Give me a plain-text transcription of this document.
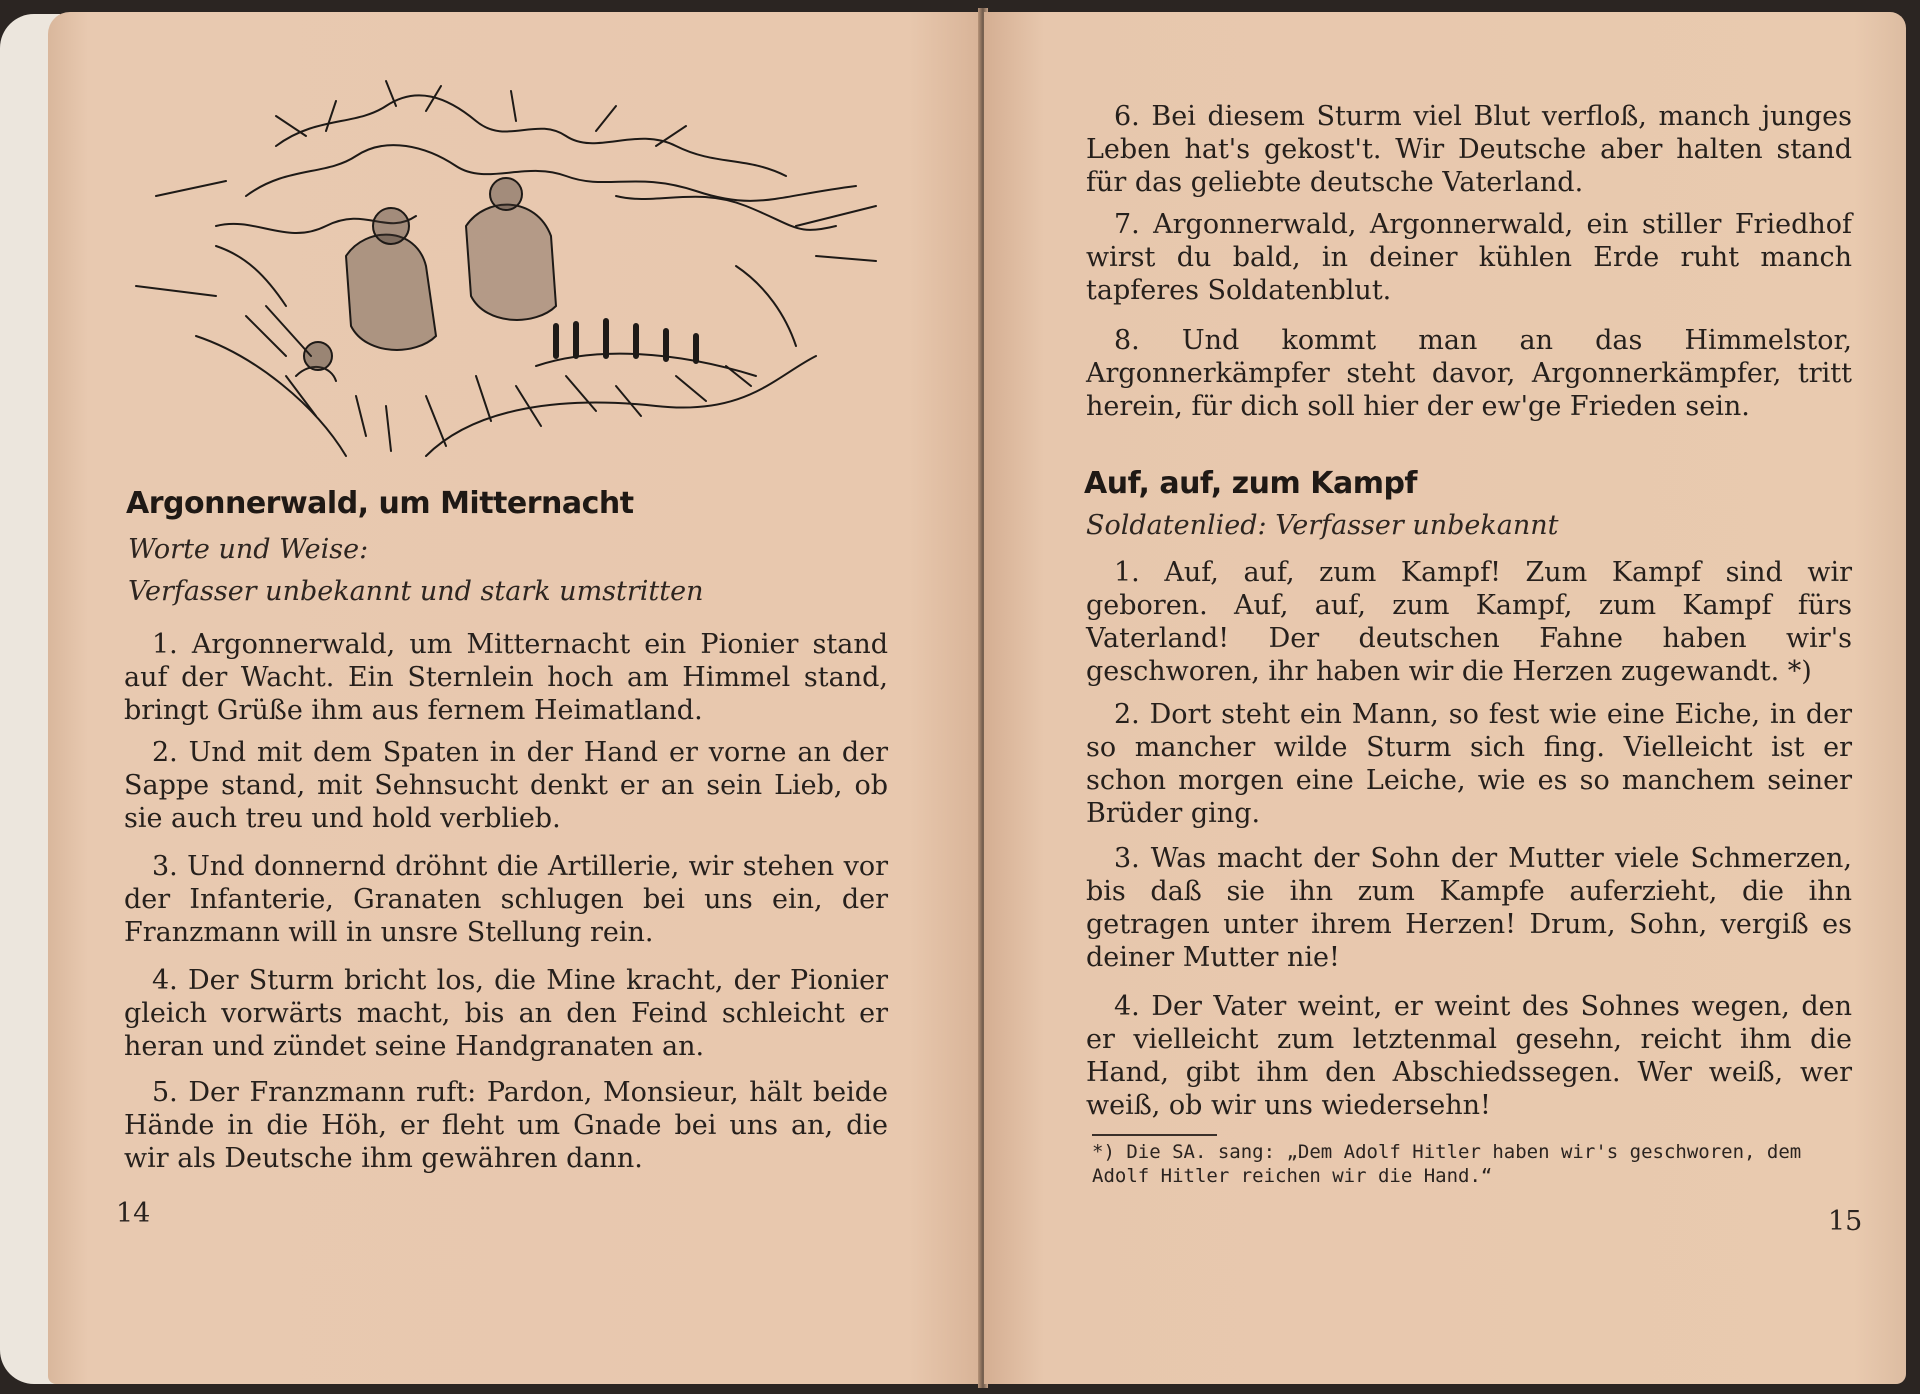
Argonnerwald, um Mitternacht

Worte und Weise:

Verfasser unbekannt und stark umstritten

1. Argonnerwald, um Mitternacht ein Pionier stand auf der Wacht. Ein Sternlein hoch am Himmel stand, bringt Grüße ihm aus fernem Heimatland.

2. Und mit dem Spaten in der Hand er vorne an der Sappe stand, mit Sehnsucht denkt er an sein Lieb, ob sie auch treu und hold verblieb.

3. Und donnernd dröhnt die Artillerie, wir stehen vor der Infanterie, Granaten schlugen bei uns ein, der Franzmann will in unsre Stellung rein.

4. Der Sturm bricht los, die Mine kracht, der Pionier gleich vorwärts macht, bis an den Feind schleicht er heran und zündet seine Handgranaten an.

5. Der Franzmann ruft: Pardon, Monsieur, hält beide Hände in die Höh, er fleht um Gnade bei uns an, die wir als Deutsche ihm gewähren dann.

14

6. Bei diesem Sturm viel Blut verfloß, manch junges Leben hat's gekost't. Wir Deutsche aber halten stand für das geliebte deutsche Vaterland.

7. Argonnerwald, Argonnerwald, ein stiller Friedhof wirst du bald, in deiner kühlen Erde ruht manch tapferes Soldatenblut.

8. Und kommt man an das Himmelstor, Argonnerkämpfer steht davor, Argonnerkämpfer, tritt herein, für dich soll hier der ew'ge Frieden sein.

Auf, auf, zum Kampf

Soldatenlied: Verfasser unbekannt

1. Auf, auf, zum Kampf! Zum Kampf sind wir geboren. Auf, auf, zum Kampf, zum Kampf fürs Vaterland! Der deutschen Fahne haben wir's geschworen, ihr haben wir die Herzen zugewandt. *)

2. Dort steht ein Mann, so fest wie eine Eiche, in der so mancher wilde Sturm sich fing. Vielleicht ist er schon morgen eine Leiche, wie es so manchem seiner Brüder ging.

3. Was macht der Sohn der Mutter viele Schmerzen, bis daß sie ihn zum Kampfe auferzieht, die ihn getragen unter ihrem Herzen! Drum, Sohn, vergiß es deiner Mutter nie!

4. Der Vater weint, er weint des Sohnes wegen, den er vielleicht zum letztenmal gesehn, reicht ihm die Hand, gibt ihm den Abschiedssegen. Wer weiß, wer weiß, ob wir uns wiedersehn!

*) Die SA. sang: „Dem Adolf Hitler haben wir's geschworen, dem Adolf Hitler reichen wir die Hand.“

15
